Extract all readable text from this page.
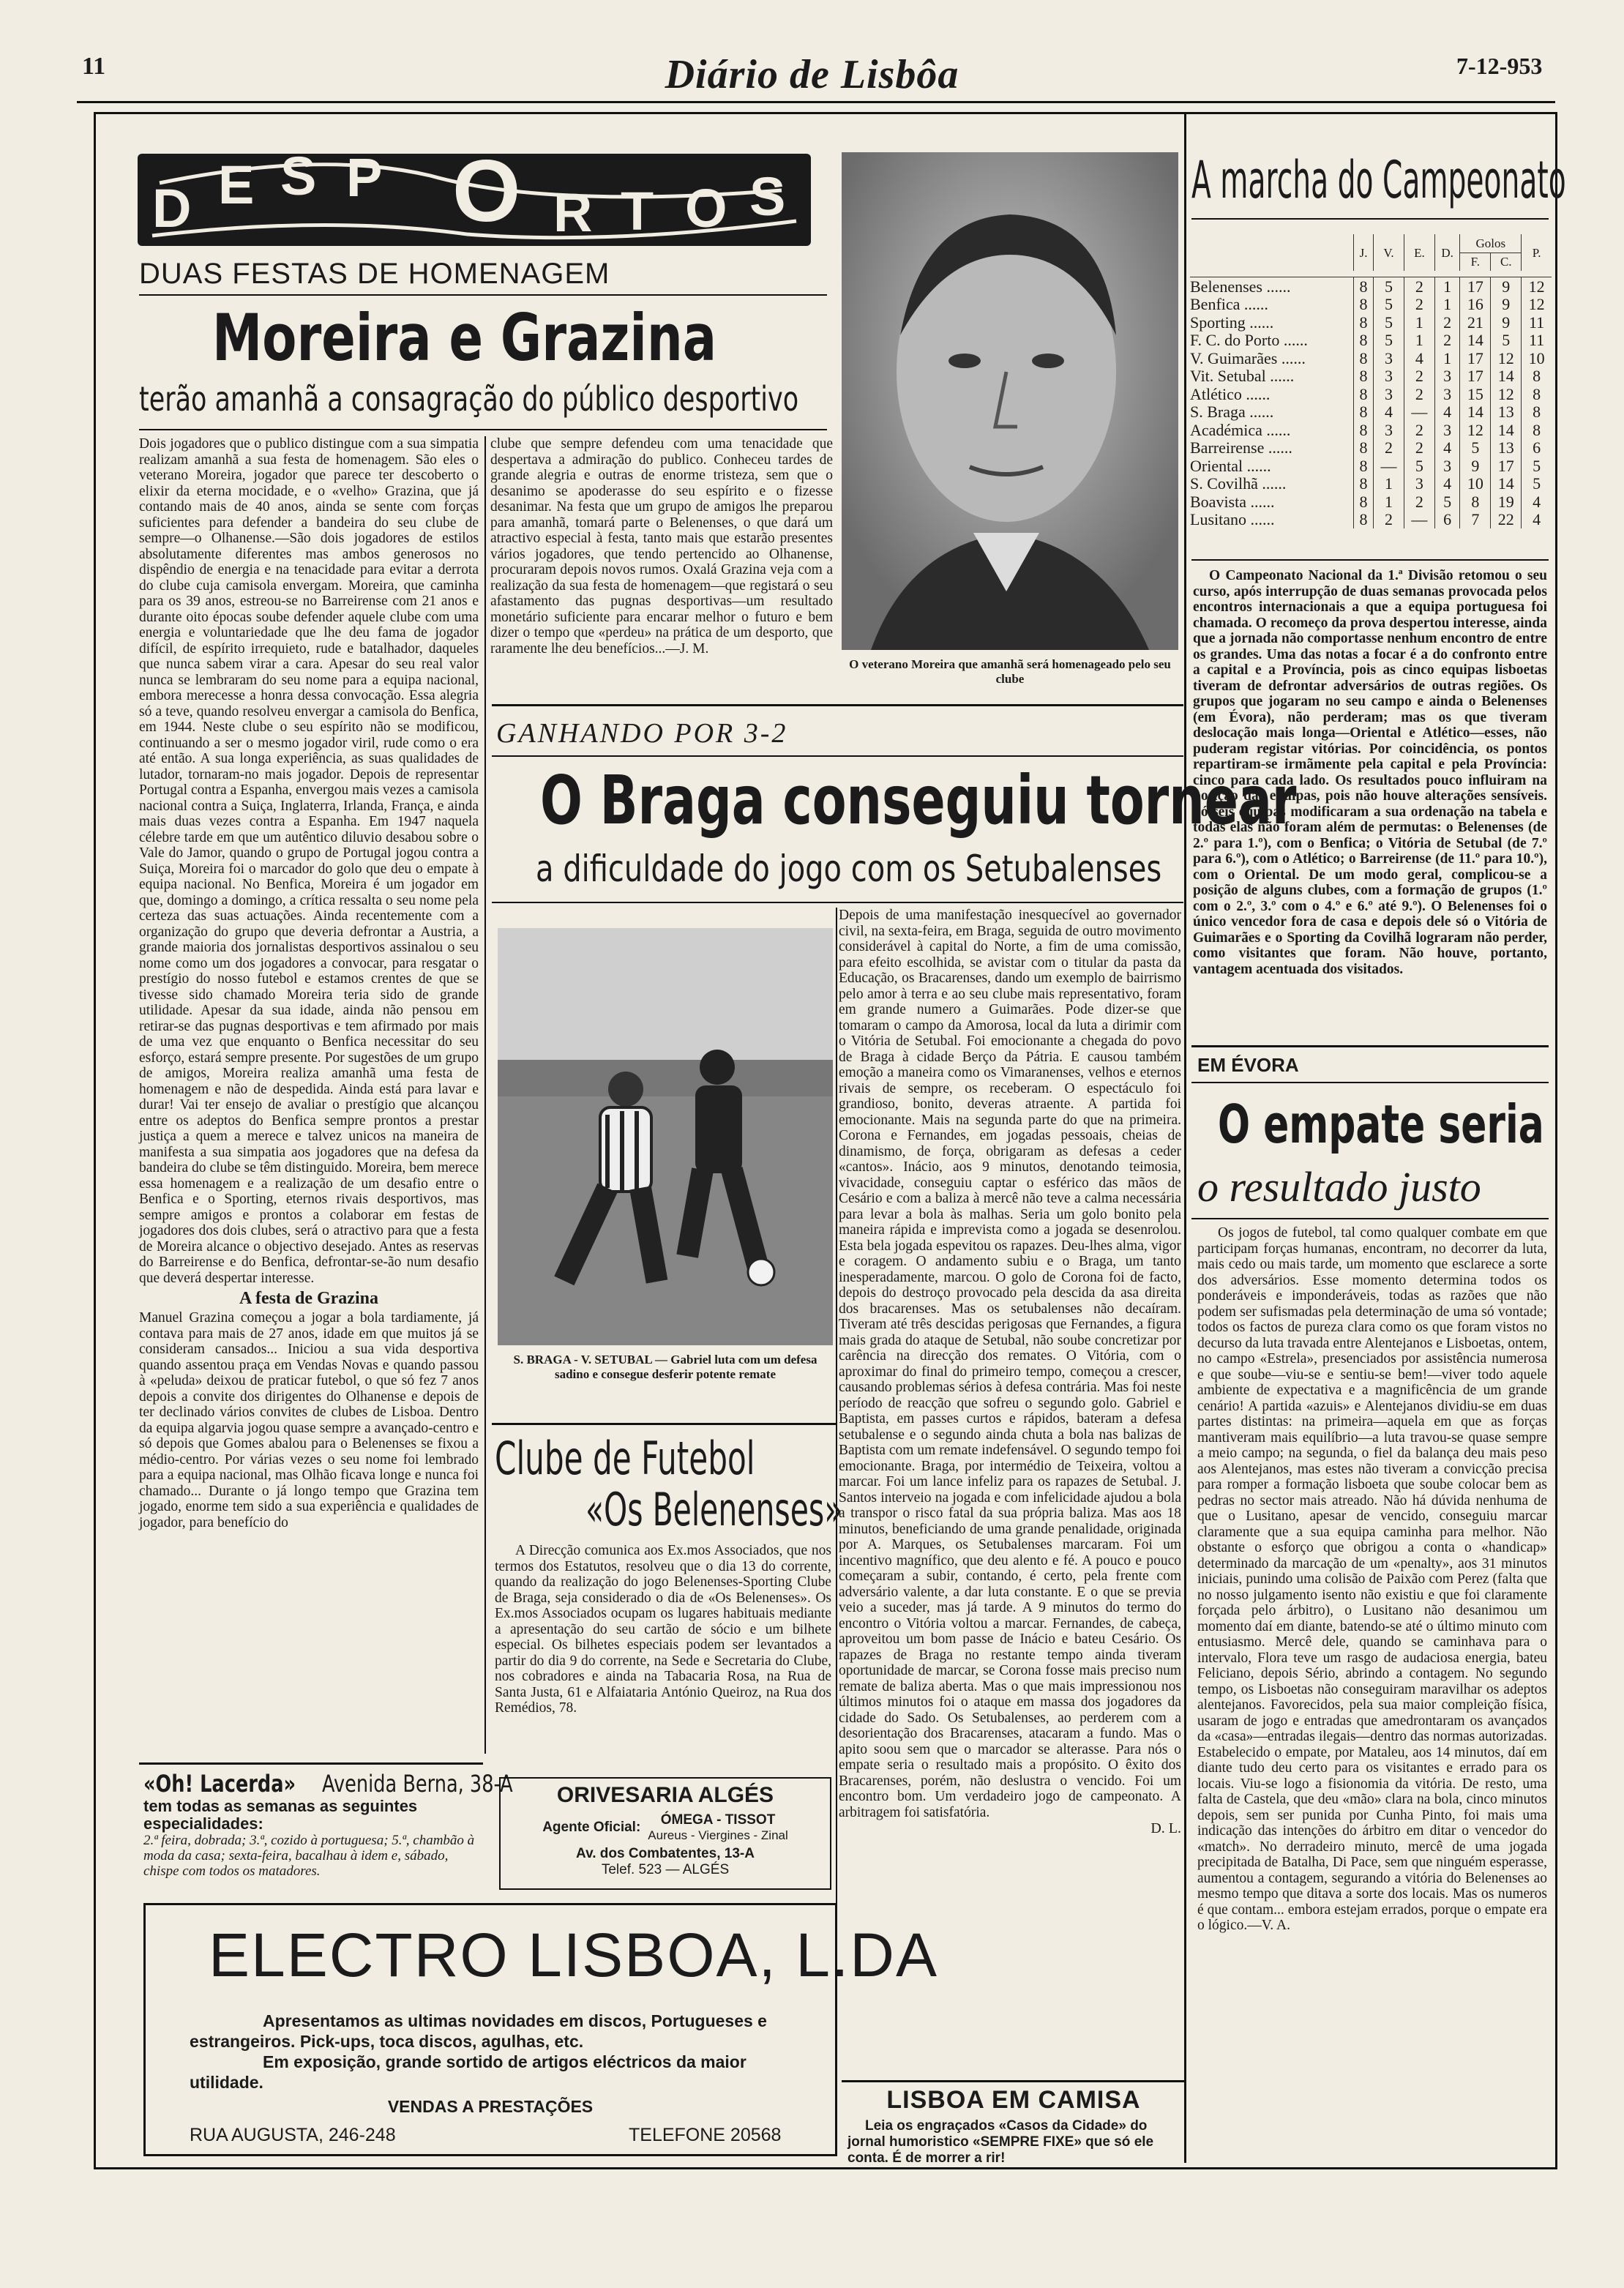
11	Diário de Lisbôa	7-12-953
D E S P O R T O S
DUAS FESTAS DE HOMENAGEM
Moreira e Grazina
terão amanhã a consagração do público desportivo

Dois jogadores que o publico distingue com a sua simpatia realizam amanhã a sua festa de homenagem. São eles o veterano Moreira, jogador que parece ter descoberto o elixir da eterna mocidade, e o «velho» Grazina, que já contando mais de 40 anos, ainda se sente com forças suficientes para defender a bandeira do seu clube de sempre—o Olhanense.—São dois jogadores de estilos absolutamente diferentes mas ambos generosos no dispêndio de energia e na tenacidade para evitar a derrota do clube cuja camisola envergam. Moreira, que caminha para os 39 anos, estreou-se no Barreirense com 21 anos e durante oito épocas soube defender aquele clube com uma energia e voluntariedade que lhe deu fama de jogador difícil, de espírito irrequieto, rude e batalhador, daqueles que nunca sabem virar a cara. Apesar do seu real valor nunca se lembraram do seu nome para a equipa nacional, embora merecesse a honra dessa convocação. Essa alegria só a teve, quando resolveu envergar a camisola do Benfica, em 1944. Neste clube o seu espírito não se modificou, continuando a ser o mesmo jogador viril, rude como o era até então. A sua longa experiência, as suas qualidades de lutador, tornaram-no mais jogador. Depois de representar Portugal contra a Espanha, envergou mais vezes a camisola nacional contra a Suiça, Inglaterra, Irlanda, França, e ainda mais duas vezes contra a Espanha. Em 1947 naquela célebre tarde em que um autêntico diluvio desabou sobre o Vale do Jamor, quando o grupo de Portugal jogou contra a Suiça, Moreira foi o marcador do golo que deu o empate à equipa nacional. No Benfica, Moreira é um jogador em que, domingo a domingo, a crítica ressalta o seu nome pela certeza das suas actuações. Ainda recentemente com a organização do grupo que deveria defrontar a Austria, a grande maioria dos jornalistas desportivos assinalou o seu nome como um dos jogadores a convocar, para resgatar o prestígio do nosso futebol e estamos crentes de que se tivesse sido chamado Moreira teria sido de grande utilidade. Apesar da sua idade, ainda não pensou em retirar-se das pugnas desportivas e tem afirmado por mais de uma vez que enquanto o Benfica necessitar do seu esforço, estará sempre presente. Por sugestões de um grupo de amigos, Moreira realiza amanhã uma festa de homenagem e não de despedida. Ainda está para lavar e durar! Vai ter ensejo de avaliar o prestígio que alcançou entre os adeptos do Benfica sempre prontos a prestar justiça a quem a merece e talvez unicos na maneira de manifesta a sua simpatia aos jogadores que na defesa da bandeira do clube se têm distinguido. Moreira, bem merece essa homenagem e a realização de um desafio entre o Benfica e o Sporting, eternos rivais desportivos, mas sempre amigos e prontos a colaborar em festas de jogadores dos dois clubes, será o atractivo para que a festa de Moreira alcance o objectivo desejado. Antes as reservas do Barreirense e do Benfica, defrontar-se-ão num desafio que deverá despertar interesse.

A festa de Grazina

Manuel Grazina começou a jogar a bola tardiamente, já contava para mais de 27 anos, idade em que muitos já se consideram cansados... Iniciou a sua vida desportiva quando assentou praça em Vendas Novas e quando passou à «peluda» deixou de praticar futebol, o que só fez 7 anos depois a convite dos dirigentes do Olhanense e depois de ter declinado vários convites de clubes de Lisboa. Dentro da equipa algarvia jogou quase sempre a avançado-centro e só depois que Gomes abalou para o Belenenses se fixou a médio-centro. Por várias vezes o seu nome foi lembrado para a equipa nacional, mas Olhão ficava longe e nunca foi chamado... Durante o já longo tempo que Grazina tem jogado, enorme tem sido a sua experiência e qualidades de jogador, para benefício do

clube que sempre defendeu com uma tenacidade que despertava a admiração do publico. Conheceu tardes de grande alegria e outras de enorme tristeza, sem que o desanimo se apoderasse do seu espírito e o fizesse desanimar. Na festa que um grupo de amigos lhe preparou para amanhã, tomará parte o Belenenses, o que dará um atractivo especial à festa, tanto mais que estarão presentes vários jogadores, que tendo pertencido ao Olhanense, procuraram depois novos rumos. Oxalá Grazina veja com a realização da sua festa de homenagem—que registará o seu afastamento das pugnas desportivas—um resultado monetário suficiente para encarar melhor o futuro e bem dizer o tempo que «perdeu» na prática de um desporto, que raramente lhe deu benefícios...—J. M.

O veterano Moreira que amanhã será homenageado pelo seu clube
GANHANDO POR 3-2
O Braga conseguiu tornear
a dificuldade do jogo com os Setubalenses
S. BRAGA - V. SETUBAL — Gabriel luta com um defesa sadino e consegue desferir potente remate

Depois de uma manifestação inesquecível ao governador civil, na sexta-feira, em Braga, seguida de outro movimento considerável à capital do Norte, a fim de uma comissão, para efeito escolhida, se avistar com o titular da pasta da Educação, os Bracarenses, dando um exemplo de bairrismo pelo amor à terra e ao seu clube mais representativo, foram em grande numero a Guimarães. Pode dizer-se que tomaram o campo da Amorosa, local da luta a dirimir com o Vitória de Setubal. Foi emocionante a chegada do povo de Braga à cidade Berço da Pátria. E causou também emoção a maneira como os Vimaranenses, velhos e eternos rivais de sempre, os receberam. O espectáculo foi grandioso, bonito, deveras atraente. A partida foi emocionante. Mais na segunda parte do que na primeira. Corona e Fernandes, em jogadas pessoais, cheias de dinamismo, de força, obrigaram as defesas a ceder «cantos». Inácio, aos 9 minutos, denotando teimosia, vivacidade, conseguiu captar o esférico das mãos de Cesário e com a baliza à mercê não teve a calma necessária para levar a bola às malhas. Seria um golo bonito pela maneira rápida e imprevista como a jogada se desenrolou. Esta bela jogada espevitou os rapazes. Deu-lhes alma, vigor e coragem. O andamento subiu e o Braga, um tanto inesperadamente, marcou. O golo de Corona foi de facto, depois do destroço provocado pela descida da asa direita dos bracarenses. Mas os setubalenses não decaíram. Tiveram até três descidas perigosas que Fernandes, a figura mais grada do ataque de Setubal, não soube concretizar por carência na direcção dos remates. O Vitória, com o aproximar do final do primeiro tempo, começou a crescer, causando problemas sérios à defesa contrária. Mas foi neste período de reacção que sofreu o segundo golo. Gabriel e Baptista, em passes curtos e rápidos, bateram a defesa setubalense e o segundo ainda chuta a bola nas balizas de Baptista com um remate indefensável. O segundo tempo foi emocionante. Braga, por intermédio de Teixeira, voltou a marcar. Foi um lance infeliz para os rapazes de Setubal. J. Santos interveio na jogada e com infelicidade ajudou a bola a transpor o risco fatal da sua própria baliza. Mas aos 18 minutos, beneficiando de uma grande penalidade, originada por A. Marques, os Setubalenses marcaram. Foi um incentivo magnífico, que deu alento e fé. A pouco e pouco começaram a subir, contando, é certo, pela frente com adversário valente, a dar luta constante. E o que se previa veio a suceder, mas já tarde. A 9 minutos do termo do encontro o Vitória voltou a marcar. Fernandes, de cabeça, aproveitou um bom passe de Inácio e bateu Cesário. Os rapazes de Braga no restante tempo ainda tiveram oportunidade de marcar, se Corona fosse mais preciso num remate de baliza aberta. Mas o que mais impressionou nos últimos minutos foi o ataque em massa dos jogadores da cidade do Sado. Os Setubalenses, ao perderem com a desorientação dos Bracarenses, atacaram a fundo. Mas o apito soou sem que o marcador se alterasse. Para nós o empate seria o resultado mais a propósito. O êxito dos Bracarenses, porém, não deslustra o vencido. Foi um encontro bom. Um verdadeiro jogo de campeonato. A arbitragem foi satisfatória.

D. L.
Clube de Futebol
«Os Belenenses»

A Direcção comunica aos Ex.mos Associados, que nos termos dos Estatutos, resolveu que o dia 13 do corrente, quando da realização do jogo Belenenses-Sporting Clube de Braga, seja considerado o dia de «Os Belenenses». Os Ex.mos Associados ocupam os lugares habituais mediante a apresentação do seu cartão de sócio e um bilhete especial. Os bilhetes especiais podem ser levantados a partir do dia 9 do corrente, na Sede e Secretaria do Clube, nos cobradores e ainda na Tabacaria Rosa, na Rua de Santa Justa, 61 e Alfaiataria António Queiroz, na Rua dos Remédios, 78.

«Oh! Lacerda» Avenida Berna, 38-A
tem todas as semanas as seguintes especialidades:
2.ª feira, dobrada; 3.ª, cozido à portuguesa; 5.ª, chambão à moda da casa; sexta-feira, bacalhau à idem e, sábado, chispe com todos os matadores.
ORIVESARIA ALGÉS
Agente Oficial:	ÓMEGA - TISSOT
Aureus - Viergines - Zinal
Av. dos Combatentes, 13-A
Telef. 523 — ALGÉS
ELECTRO LISBOA, L.DA
Apresentamos as ultimas novidades em discos, Portugueses e estrangeiros. Pick-ups, toca discos, agulhas, etc.
Em exposição, grande sortido de artigos eléctricos da maior utilidade.
VENDAS A PRESTAÇÕES
RUA AUGUSTA, 246-248	TELEFONE 20568
LISBOA EM CAMISA
Leia os engraçados «Casos da Cidade» do jornal humoristico «SEMPRE FIXE» que só ele conta. É de morrer a rir!
A marcha do Campeonato
	J.	V.	E.	D.	Golos		P.
					F.	C.	

Belenenses ......	8	5	2	1	17	9	12
Benfica ......	8	5	2	1	16	9	12
Sporting ......	8	5	1	2	21	9	11
F. C. do Porto ......	8	5	1	2	14	5	11
V. Guimarães ......	8	3	4	1	17	12	10
Vit. Setubal ......	8	3	2	3	17	14	8
Atlético ......	8	3	2	3	15	12	8
S. Braga ......	8	4	—	4	14	13	8
Académica ......	8	3	2	3	12	14	8
Barreirense ......	8	2	2	4	5	13	6
Oriental ......	8	—	5	3	9	17	5
S. Covilhã ......	8	1	3	4	10	14	5
Boavista ......	8	1	2	5	8	19	4
Lusitano ......	8	2	—	6	7	22	4

O Campeonato Nacional da 1.ª Divisão retomou o seu curso, após interrupção de duas semanas provocada pelos encontros internacionais a que a equipa portuguesa foi chamada. O recomeço da prova despertou interesse, ainda que a jornada não comportasse nenhum encontro de entre os grandes. Uma das notas a focar é a do confronto entre a capital e a Província, pois as cinco equipas lisboetas tiveram de defrontar adversários de outras regiões. Os grupos que jogaram no seu campo e ainda o Belenenses (em Évora), não perderam; mas os que tiveram deslocação mais longa—Oriental e Atlético—esses, não puderam registar vitórias. Por coincidência, os pontos repartiram-se irmãmente pela capital e pela Província: cinco para cada lado. Os resultados pouco influiram na posição das equipas, pois não houve alterações sensíveis. Só seis equipas modificaram a sua ordenação na tabela e todas elas não foram além de permutas: o Belenenses (de 2.º para 1.º), com o Benfica; o Vitória de Setubal (de 7.º para 6.º), com o Atlético; o Barreirense (de 11.º para 10.º), com o Oriental. De um modo geral, complicou-se a posição de alguns clubes, com a formação de grupos (1.º com o 2.º, 3.º com o 4.º e 6.º até 9.º). O Belenenses foi o único vencedor fora de casa e depois dele só o Vitória de Guimarães e o Sporting da Covilhã lograram não perder, como visitantes que foram. Não houve, portanto, vantagem acentuada dos visitados.

EM ÉVORA
O empate seria
o resultado justo

Os jogos de futebol, tal como qualquer combate em que participam forças humanas, encontram, no decorrer da luta, mais cedo ou mais tarde, um momento que esclarece a sorte dos adversários. Esse momento determina todos os ponderáveis e imponderáveis, todas as razões que não podem ser sufismadas pela determinação de uma só vontade; todos os factos de pureza clara como os que foram vistos no decurso da luta travada entre Alentejanos e Lisboetas, ontem, no campo «Estrela», presenciados por assistência numerosa e que soube—viu-se e sentiu-se bem!—viver todo aquele ambiente de expectativa e a magnificência de um grande cenário! A partida «azuis» e Alentejanos dividiu-se em duas partes distintas: na primeira—aquela em que as forças mantiveram mais equilíbrio—a luta travou-se quase sempre a meio campo; na segunda, o fiel da balança deu mais peso aos Alentejanos, mas estes não tiveram a convicção precisa para romper a formação lisboeta que soube colocar bem as pedras no sector mais atreado. Não há dúvida nenhuma de que o Lusitano, apesar de vencido, conseguiu marcar claramente que a sua equipa caminha para melhor. Não obstante o esforço que obrigou a conta o «handicap» determinado da marcação de um «penalty», aos 31 minutos iniciais, punindo uma colisão de Paixão com Perez (falta que no nosso julgamento isento não existiu e que foi claramente forçada pelo árbitro), o Lusitano não desanimou um momento daí em diante, batendo-se até o último minuto com entusiasmo. Mercê dele, quando se caminhava para o intervalo, Flora teve um rasgo de audaciosa energia, bateu Feliciano, depois Sério, abrindo a contagem. No segundo tempo, os Lisboetas não conseguiram maravilhar os adeptos alentejanos. Favorecidos, pela sua maior compleição física, usaram de jogo e entradas que amedrontaram os avançados da «casa»—entradas ilegais—dentro das normas autorizadas. Estabelecido o empate, por Mataleu, aos 14 minutos, daí em diante tudo deu certo para os visitantes e errado para os locais. Viu-se logo a fisionomia da vitória. De resto, uma falta de Castela, que deu «mão» clara na bola, cinco minutos depois, sem ser punida por Cunha Pinto, foi mais uma indicação das intenções do árbitro em ditar o vencedor do «match». No derradeiro minuto, mercê de uma jogada precipitada de Batalha, Di Pace, sem que ninguém esperasse, aumentou a contagem, segurando a vitória do Belenenses ao mesmo tempo que ditava a sorte dos locais. Mas os numeros é que contam... embora estejam errados, porque o empate era o lógico.—V. A.
